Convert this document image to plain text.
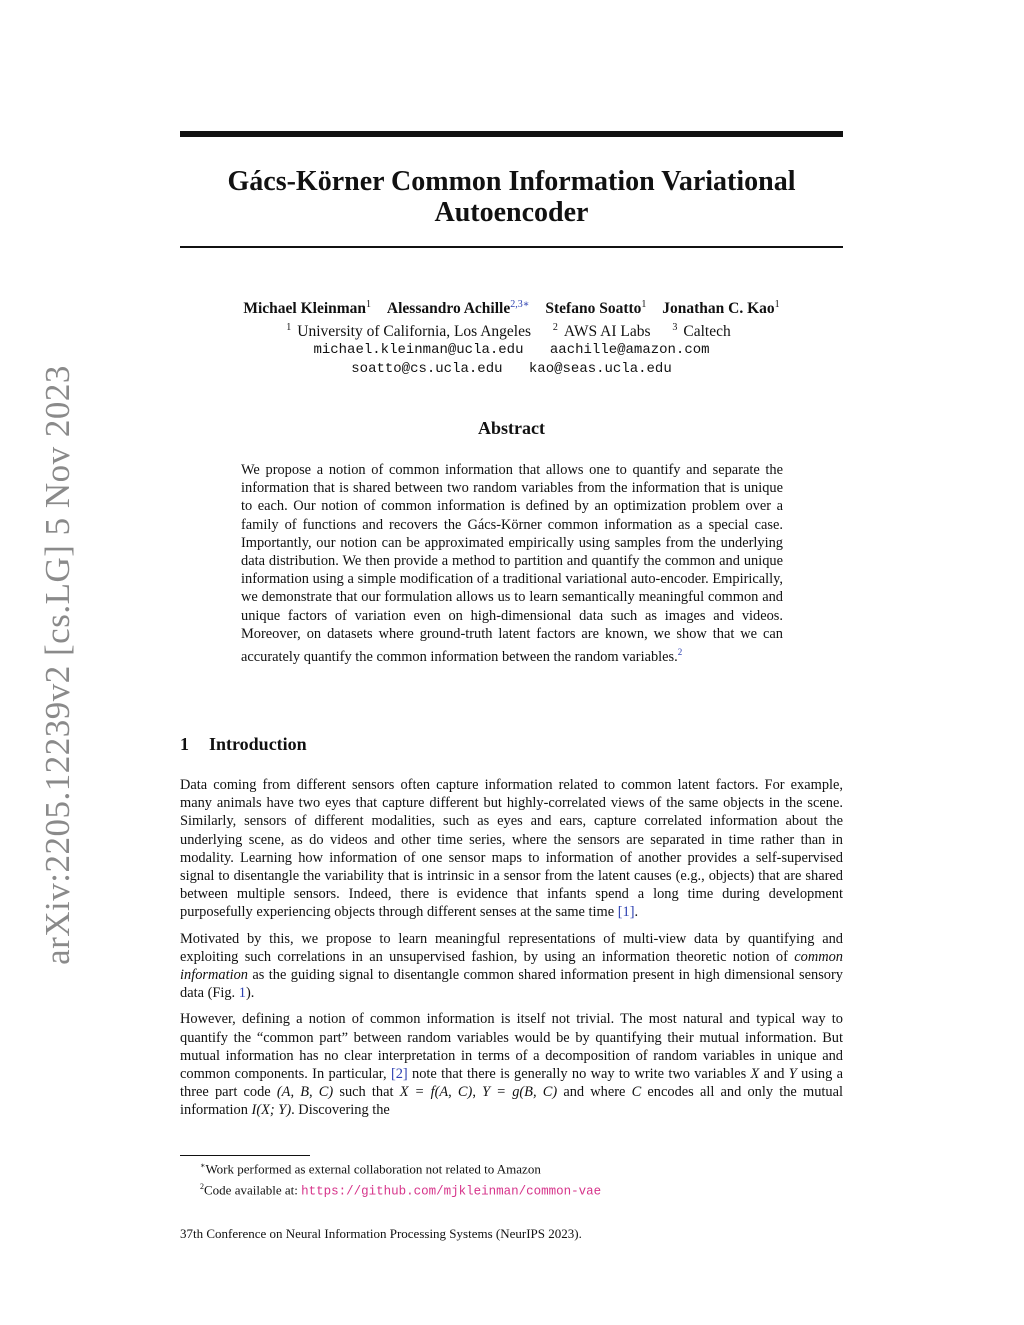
arXiv:2205.12239v2 [cs.LG] 5 Nov 2023
Gács-Körner Common Information Variational
Autoencoder
Michael Kleinman$^1$ Alessandro Achille$^{2,3∗}$ Stefano Soatto$^1$ Jonathan C. Kao$^1$
$^1$ University of California, Los Angeles $^2$ AWS AI Labs $^3$ Caltech
michael.kleinman@ucla.edu aachille@amazon.com
soatto@cs.ucla.edu kao@seas.ucla.edu
Abstract
We propose a notion of common information that allows one to quantify and separate the information that is shared between two random variables from the information that is unique to each. Our notion of common information is defined by an optimization problem over a family of functions and recovers the Gács-Körner common information as a special case. Importantly, our notion can be approximated empirically using samples from the underlying data distribution. We then provide a method to partition and quantify the common and unique information using a simple modification of a traditional variational auto-encoder. Empirically, we demonstrate that our formulation allows us to learn semantically meaningful common and unique factors of variation even on high-dimensional data such as images and videos. Moreover, on datasets where ground-truth latent factors are known, we show that we can accurately quantify the common information between the random variables.$^2$
1 Introduction

Data coming from different sensors often capture information related to common latent factors. For example, many animals have two eyes that capture different but highly-correlated views of the same objects in the scene. Similarly, sensors of different modalities, such as eyes and ears, capture correlated information about the underlying scene, as do videos and other time series, where the sensors are separated in time rather than in modality. Learning how information of one sensor maps to information of another provides a self-supervised signal to disentangle the variability that is intrinsic in a sensor from the latent causes (e.g., objects) that are shared between multiple sensors. Indeed, there is evidence that infants spend a long time during development purposefully experiencing objects through different senses at the same time [1].

Motivated by this, we propose to learn meaningful representations of multi-view data by quantifying and exploiting such correlations in an unsupervised fashion, by using an information theoretic notion of common information as the guiding signal to disentangle common shared information present in high dimensional sensory data (Fig. 1).

However, defining a notion of common information is itself not trivial. The most natural and typical way to quantify the “common part” between random variables would be by quantifying their mutual information. But mutual information has no clear interpretation in terms of a decomposition of random variables in unique and common components. In particular, [2] note that there is generally no way to write two variables X and Y using a three part code (A, B, C) such that X = f(A, C), Y = g(B, C) and where C encodes all and only the mutual information I(X; Y). Discovering the

∗Work performed as external collaboration not related to Amazon
$^2$Code available at: https://github.com/mjkleinman/common-vae
37th Conference on Neural Information Processing Systems (NeurIPS 2023).
